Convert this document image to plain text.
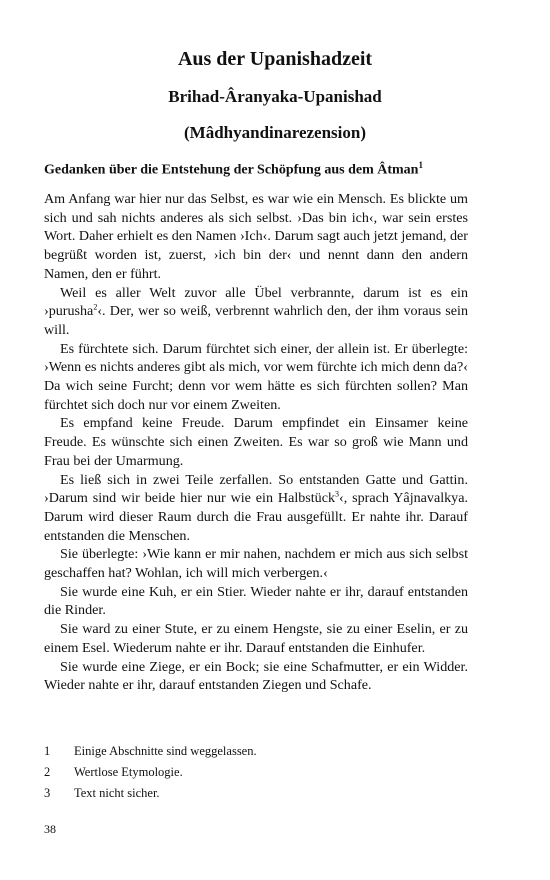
Aus der Upanishadzeit
Brihad-Âranyaka-Upanishad
(Mâdhyandinarezension)
Gedanken über die Entstehung der Schöpfung aus dem Âtman$^1$

Am Anfang war hier nur das Selbst, es war wie ein Mensch. Es blickte um sich und sah nichts anderes als sich selbst. ›Das bin ich‹, war sein erstes Wort. Daher erhielt es den Namen ›Ich‹. Darum sagt auch jetzt jemand, der begrüßt worden ist, zuerst, ›ich bin der‹ und nennt dann den andern Namen, den er führt.

Weil es aller Welt zuvor alle Übel verbrannte, darum ist es ein ›purusha$^2$‹. Der, wer so weiß, verbrennt wahrlich den, der ihm voraus sein will.

Es fürchtete sich. Darum fürchtet sich einer, der allein ist. Er überlegte: ›Wenn es nichts anderes gibt als mich, vor wem fürchte ich mich denn da?‹ Da wich seine Furcht; denn vor wem hätte es sich fürchten sollen? Man fürchtet sich doch nur vor einem Zweiten.

Es empfand keine Freude. Darum empfindet ein Einsamer keine Freude. Es wünschte sich einen Zweiten. Es war so groß wie Mann und Frau bei der Umarmung.

Es ließ sich in zwei Teile zerfallen. So entstanden Gatte und Gattin. ›Darum sind wir beide hier nur wie ein Halbstück$^3$‹, sprach Yâjnavalkya. Darum wird dieser Raum durch die Frau ausgefüllt. Er nahte ihr. Darauf entstanden die Menschen.

Sie überlegte: ›Wie kann er mir nahen, nachdem er mich aus sich selbst geschaffen hat? Wohlan, ich will mich verbergen.‹

Sie wurde eine Kuh, er ein Stier. Wieder nahte er ihr, darauf entstanden die Rinder.

Sie ward zu einer Stute, er zu einem Hengste, sie zu einer Eselin, er zu einem Esel. Wiederum nahte er ihr. Darauf entstanden die Einhufer.

Sie wurde eine Ziege, er ein Bock; sie eine Schafmutter, er ein Widder. Wieder nahte er ihr, darauf entstanden Ziegen und Schafe.

1	Einige Abschnitte sind weggelassen.
2	Wertlose Etymologie.
3	Text nicht sicher.
38
